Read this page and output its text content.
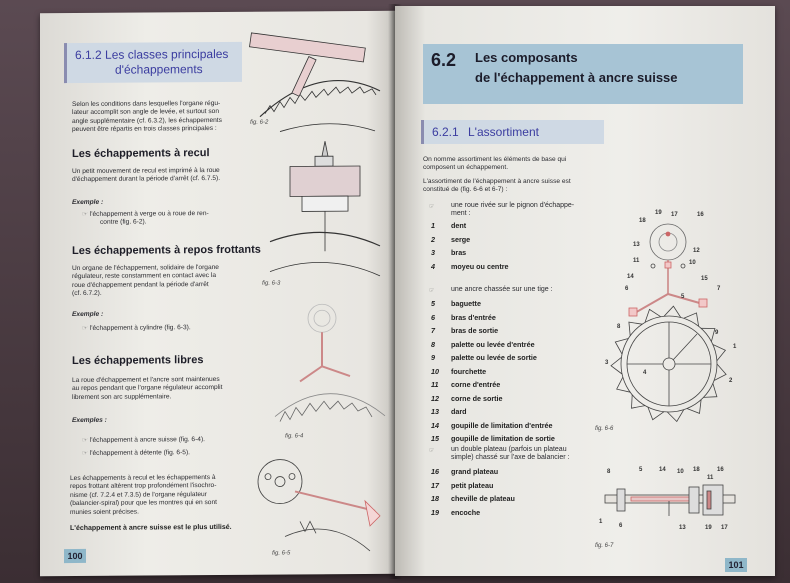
6.1.2 Les classes principales
d'échappements
Selon les conditions dans lesquelles l'organe régu-
lateur accomplit son angle de levée, et surtout son
angle supplémentaire (cf. 6.3.2), les échappements
peuvent être répartis en trois classes principales :
Les échappements à recul
Un petit mouvement de recul est imprimé à la roue
d'échappement durant la période d'arrêt (cf. 6.7.5).
Exemple :
☞ l'échappement à verge ou à roue de ren-
contre (fig. 6-2).
Les échappements à repos frottants
Un organe de l'échappement, solidaire de l'organe
régulateur, reste constamment en contact avec la
roue d'échappement pendant la période d'arrêt
(cf. 6.7.2).
Exemple :
☞ l'échappement à cylindre (fig. 6-3).
Les échappements libres
La roue d'échappement et l'ancre sont maintenues
au repos pendant que l'organe régulateur accomplit
librement son arc supplémentaire.
Exemples :
☞ l'échappement à ancre suisse (fig. 6-4).
☞ l'échappement à détente (fig. 6-5).
Les échappements à recul et les échappements à
repos frottant altèrent trop profondément l'isochro-
nisme (cf. 7.2.4 et 7.3.5) de l'organe régulateur
(balancier-spiral) pour que les montres qui en sont
munies soient précises.
L'échappement à ancre suisse est le plus utilisé.
100
fig. 6-2
fig. 6-3
fig. 6-4
fig. 6-5
6.2 Les composants
de l'échappement à ancre suisse
6.2.1 L'assortiment
On nomme assortiment les éléments de base qui
composent un échappement.
L'assortiment de l'échappement à ancre suisse est
constitué de (fig. 6-6 et 6-7) :
☞ une roue rivée sur le pignon d'échappe-
ment :
1 dent
2 serge
3 bras
4 moyeu ou centre
☞ une ancre chassée sur une tige :
5 baguette
6 bras d'entrée
7 bras de sortie
8 palette ou levée d'entrée
9 palette ou levée de sortie
10 fourchette
11 corne d'entrée
12 corne de sortie
13 dard
14 goupille de limitation d'entrée
15 goupille de limitation de sortie
☞ un double plateau (parfois un plateau
simple) chassé sur l'axe de balancier :
16 grand plateau
17 petit plateau
18 cheville de plateau
19 encoche
101
19 17	16
18
13
12
11	10
14	15
6
5
7
8
9
1
3
4
2
fig. 6-6
8	5	14 10 18	16
11
1
6	13	19 17
fig. 6-7
